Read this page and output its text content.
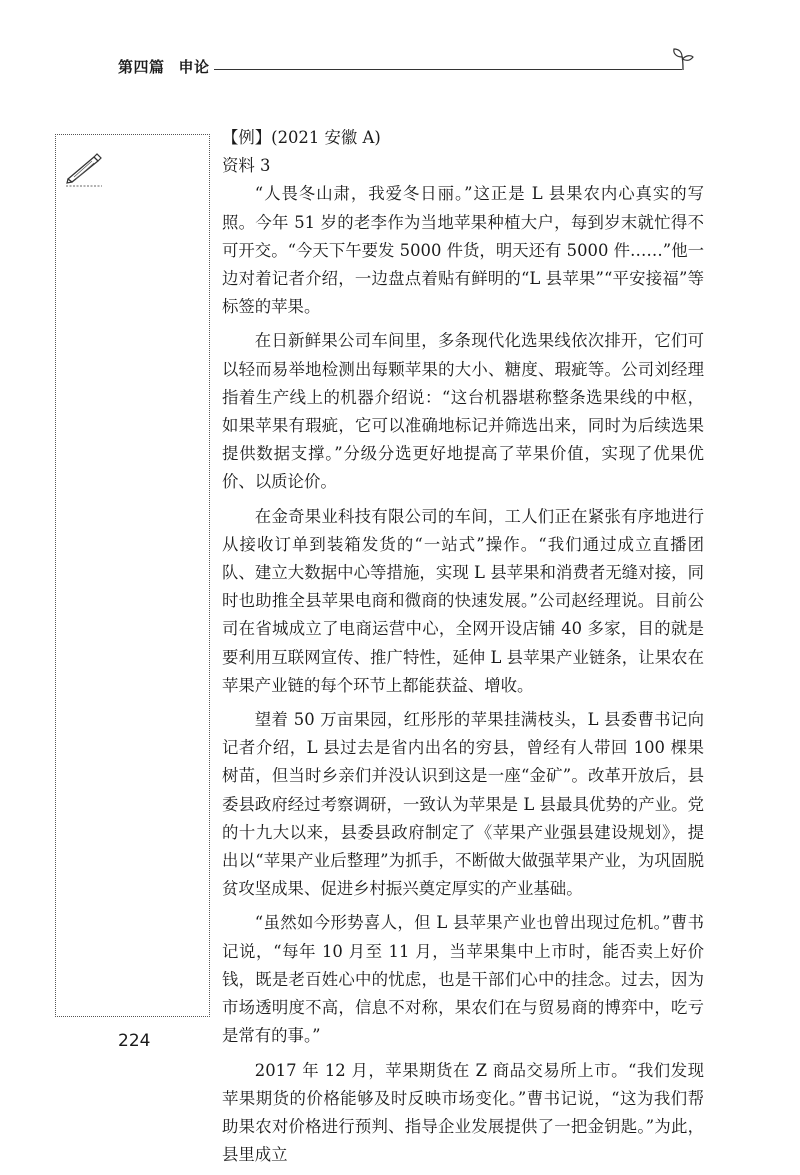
第四篇 申论
【例】(2021 安徽 A)
资料 3

“人畏冬山肃，我爱冬日丽。”这正是 L 县果农内心真实的写照。今年 51 岁的老李作为当地苹果种植大户，每到岁末就忙得不可开交。“今天下午要发 5000 件货，明天还有 5000 件……”他一边对着记者介绍，一边盘点着贴有鲜明的“L 县苹果”“平安接福”等标签的苹果。

在日新鲜果公司车间里，多条现代化选果线依次排开，它们可以轻而易举地检测出每颗苹果的大小、糖度、瑕疵等。公司刘经理指着生产线上的机器介绍说：“这台机器堪称整条选果线的中枢，如果苹果有瑕疵，它可以准确地标记并筛选出来，同时为后续选果提供数据支撑。”分级分选更好地提高了苹果价值，实现了优果优价、以质论价。

在金奇果业科技有限公司的车间，工人们正在紧张有序地进行从接收订单到装箱发货的“一站式”操作。“我们通过成立直播团队、建立大数据中心等措施，实现 L 县苹果和消费者无缝对接，同时也助推全县苹果电商和微商的快速发展。”公司赵经理说。目前公司在省城成立了电商运营中心，全网开设店铺 40 多家，目的就是要利用互联网宣传、推广特性，延伸 L 县苹果产业链条，让果农在苹果产业链的每个环节上都能获益、增收。

望着 50 万亩果园，红彤彤的苹果挂满枝头，L 县委曹书记向记者介绍，L 县过去是省内出名的穷县，曾经有人带回 100 棵果树苗，但当时乡亲们并没认识到这是一座“金矿”。改革开放后，县委县政府经过考察调研，一致认为苹果是 L 县最具优势的产业。党的十九大以来，县委县政府制定了《苹果产业强县建设规划》，提出以“苹果产业后整理”为抓手，不断做大做强苹果产业，为巩固脱贫攻坚成果、促进乡村振兴奠定厚实的产业基础。

“虽然如今形势喜人，但 L 县苹果产业也曾出现过危机。”曹书记说，“每年 10 月至 11 月，当苹果集中上市时，能否卖上好价钱，既是老百姓心中的忧虑，也是干部们心中的挂念。过去，因为市场透明度不高，信息不对称，果农们在与贸易商的博弈中，吃亏是常有的事。”

2017 年 12 月，苹果期货在 Z 商品交易所上市。“我们发现苹果期货的价格能够及时反映市场变化。”曹书记说，“这为我们帮助果农对价格进行预判、指导企业发展提供了一把金钥匙。”为此，县里成立

224
